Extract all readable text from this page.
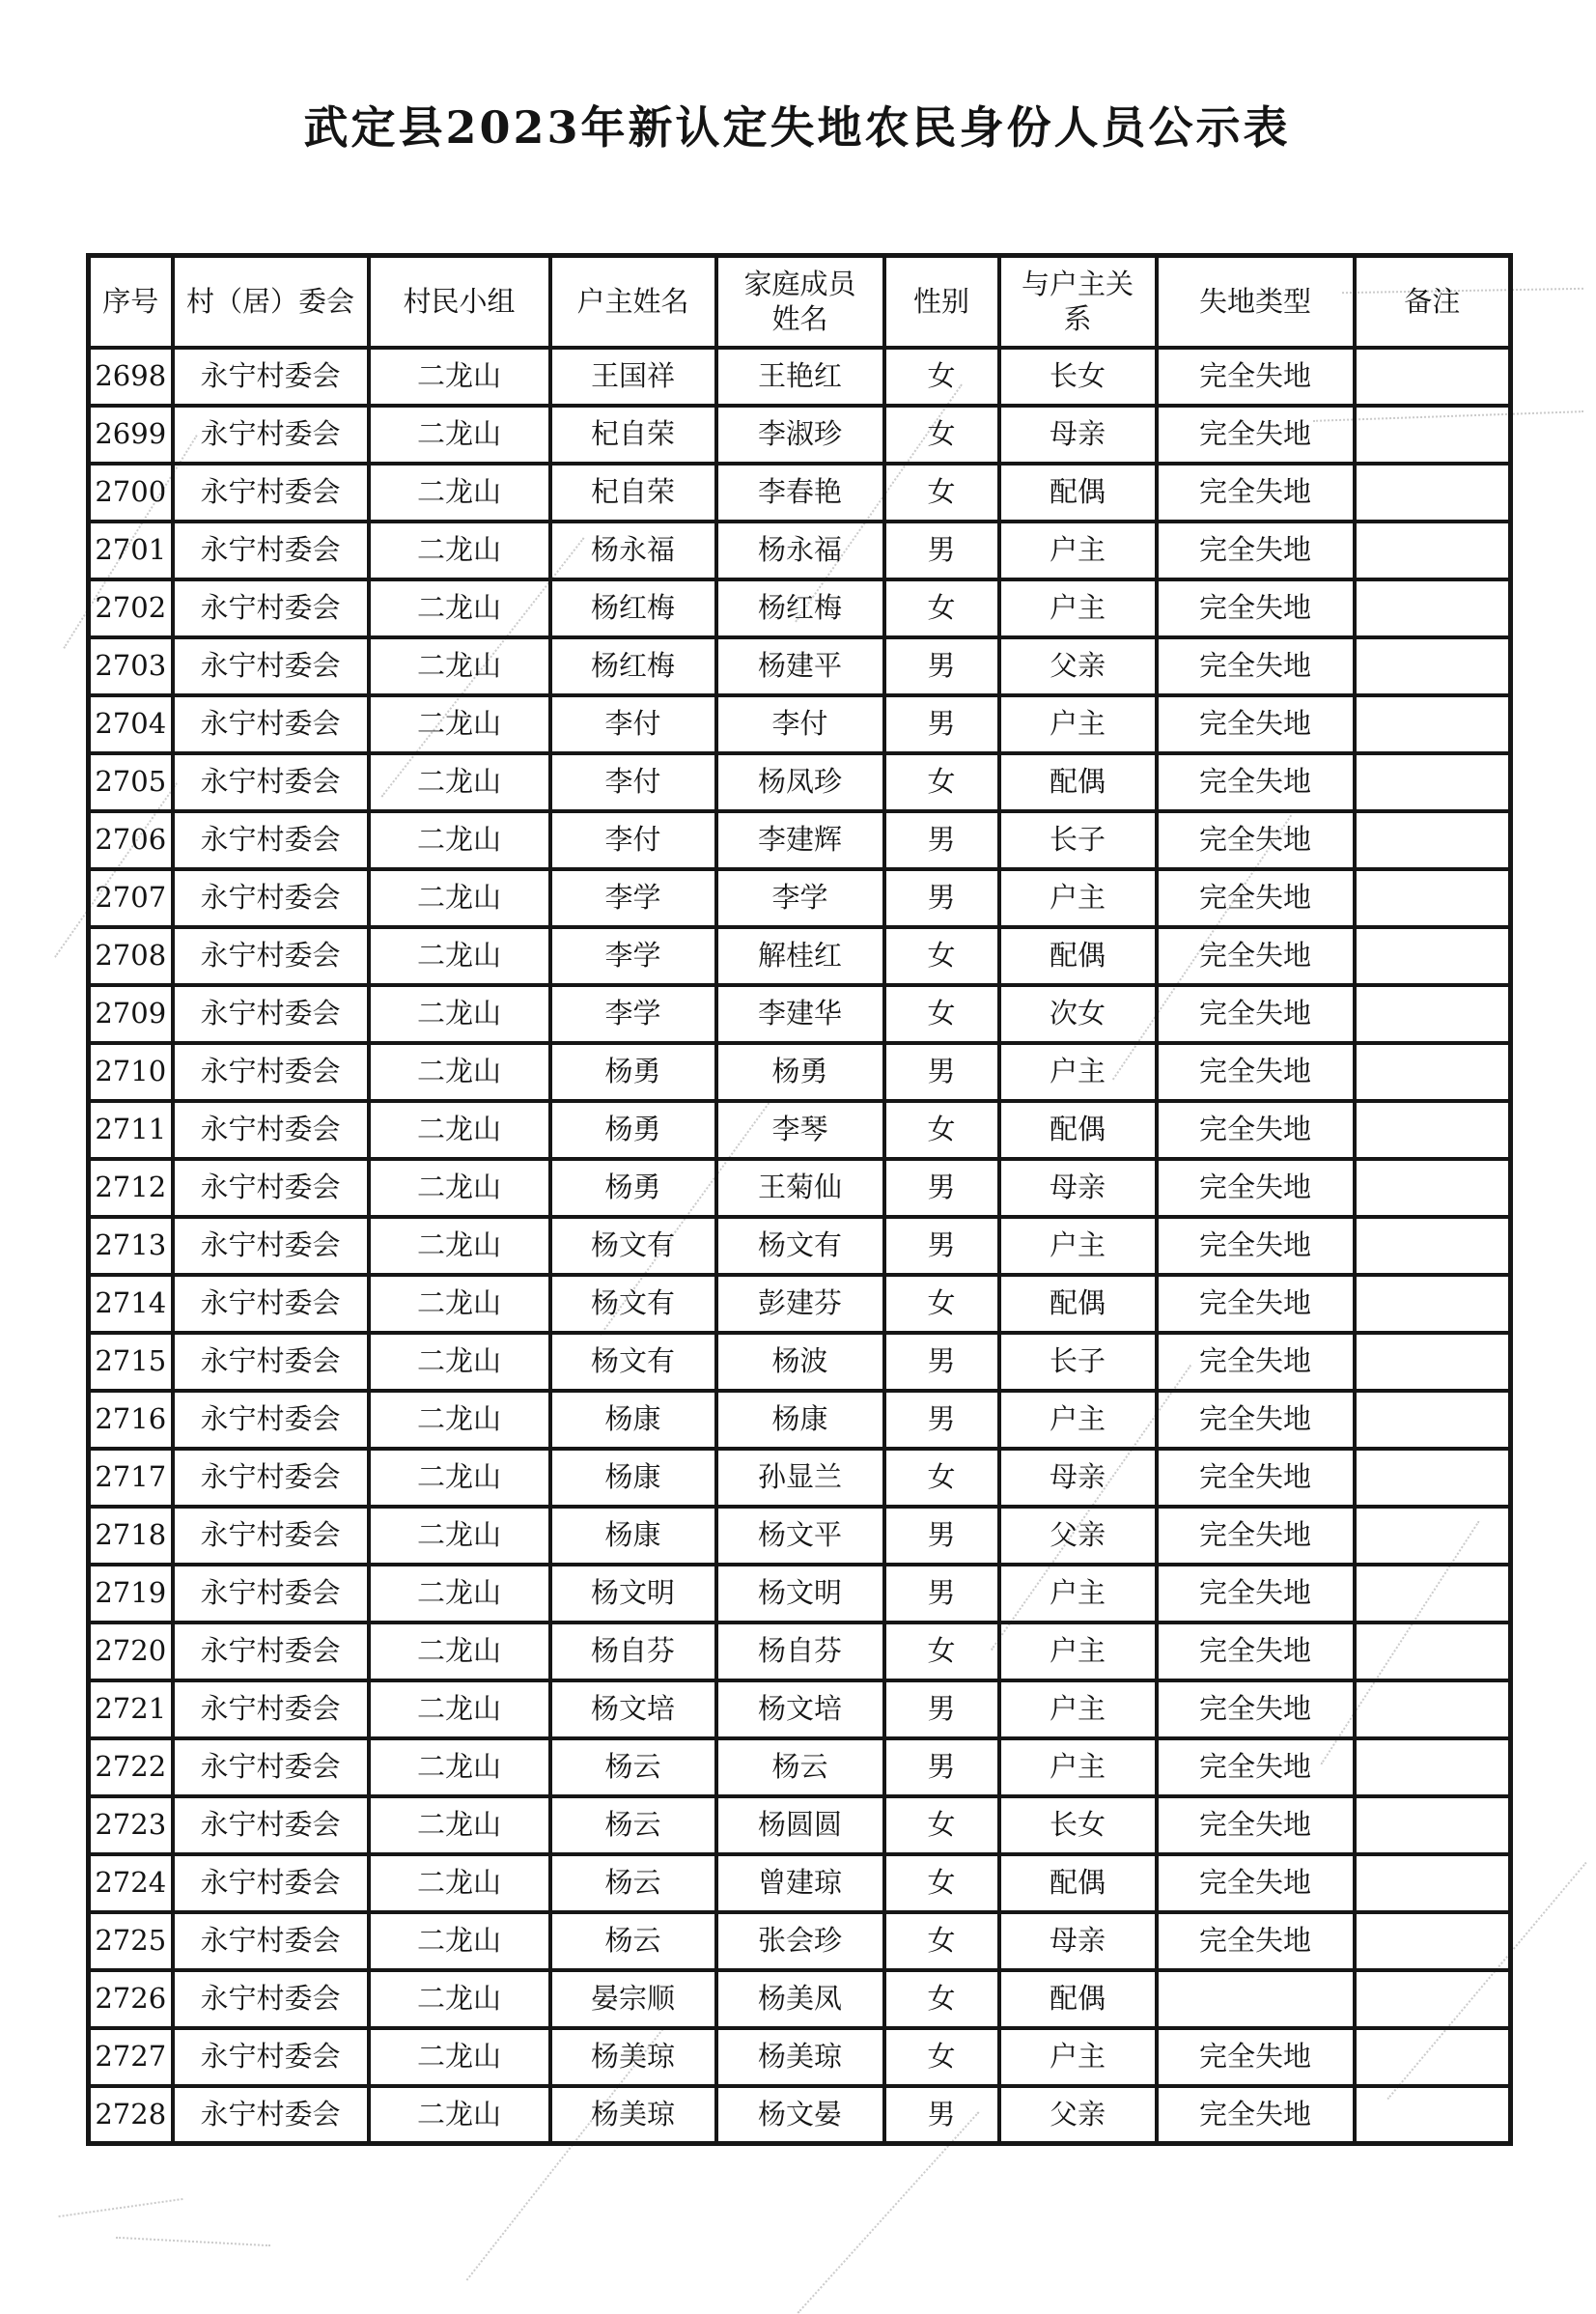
武定县2023年新认定失地农民身份人员公示表
序号	村（居）委会	村民小组	户主姓名	家庭成员姓名	性别	与户主关系	失地类型	备注
2698	永宁村委会	二龙山	王国祥	王艳红	女	长女	完全失地	
2699	永宁村委会	二龙山	杞自荣	李淑珍	女	母亲	完全失地	
2700	永宁村委会	二龙山	杞自荣	李春艳	女	配偶	完全失地	
2701	永宁村委会	二龙山	杨永福	杨永福	男	户主	完全失地	
2702	永宁村委会	二龙山	杨红梅	杨红梅	女	户主	完全失地	
2703	永宁村委会	二龙山	杨红梅	杨建平	男	父亲	完全失地	
2704	永宁村委会	二龙山	李付	李付	男	户主	完全失地	
2705	永宁村委会	二龙山	李付	杨凤珍	女	配偶	完全失地	
2706	永宁村委会	二龙山	李付	李建辉	男	长子	完全失地	
2707	永宁村委会	二龙山	李学	李学	男	户主	完全失地	
2708	永宁村委会	二龙山	李学	解桂红	女	配偶	完全失地	
2709	永宁村委会	二龙山	李学	李建华	女	次女	完全失地	
2710	永宁村委会	二龙山	杨勇	杨勇	男	户主	完全失地	
2711	永宁村委会	二龙山	杨勇	李琴	女	配偶	完全失地	
2712	永宁村委会	二龙山	杨勇	王菊仙	男	母亲	完全失地	
2713	永宁村委会	二龙山	杨文有	杨文有	男	户主	完全失地	
2714	永宁村委会	二龙山	杨文有	彭建芬	女	配偶	完全失地	
2715	永宁村委会	二龙山	杨文有	杨波	男	长子	完全失地	
2716	永宁村委会	二龙山	杨康	杨康	男	户主	完全失地	
2717	永宁村委会	二龙山	杨康	孙显兰	女	母亲	完全失地	
2718	永宁村委会	二龙山	杨康	杨文平	男	父亲	完全失地	
2719	永宁村委会	二龙山	杨文明	杨文明	男	户主	完全失地	
2720	永宁村委会	二龙山	杨自芬	杨自芬	女	户主	完全失地	
2721	永宁村委会	二龙山	杨文培	杨文培	男	户主	完全失地	
2722	永宁村委会	二龙山	杨云	杨云	男	户主	完全失地	
2723	永宁村委会	二龙山	杨云	杨圆圆	女	长女	完全失地	
2724	永宁村委会	二龙山	杨云	曾建琼	女	配偶	完全失地	
2725	永宁村委会	二龙山	杨云	张会珍	女	母亲	完全失地	
2726	永宁村委会	二龙山	晏宗顺	杨美凤	女	配偶		
2727	永宁村委会	二龙山	杨美琼	杨美琼	女	户主	完全失地	
2728	永宁村委会	二龙山	杨美琼	杨文晏	男	父亲	完全失地	
